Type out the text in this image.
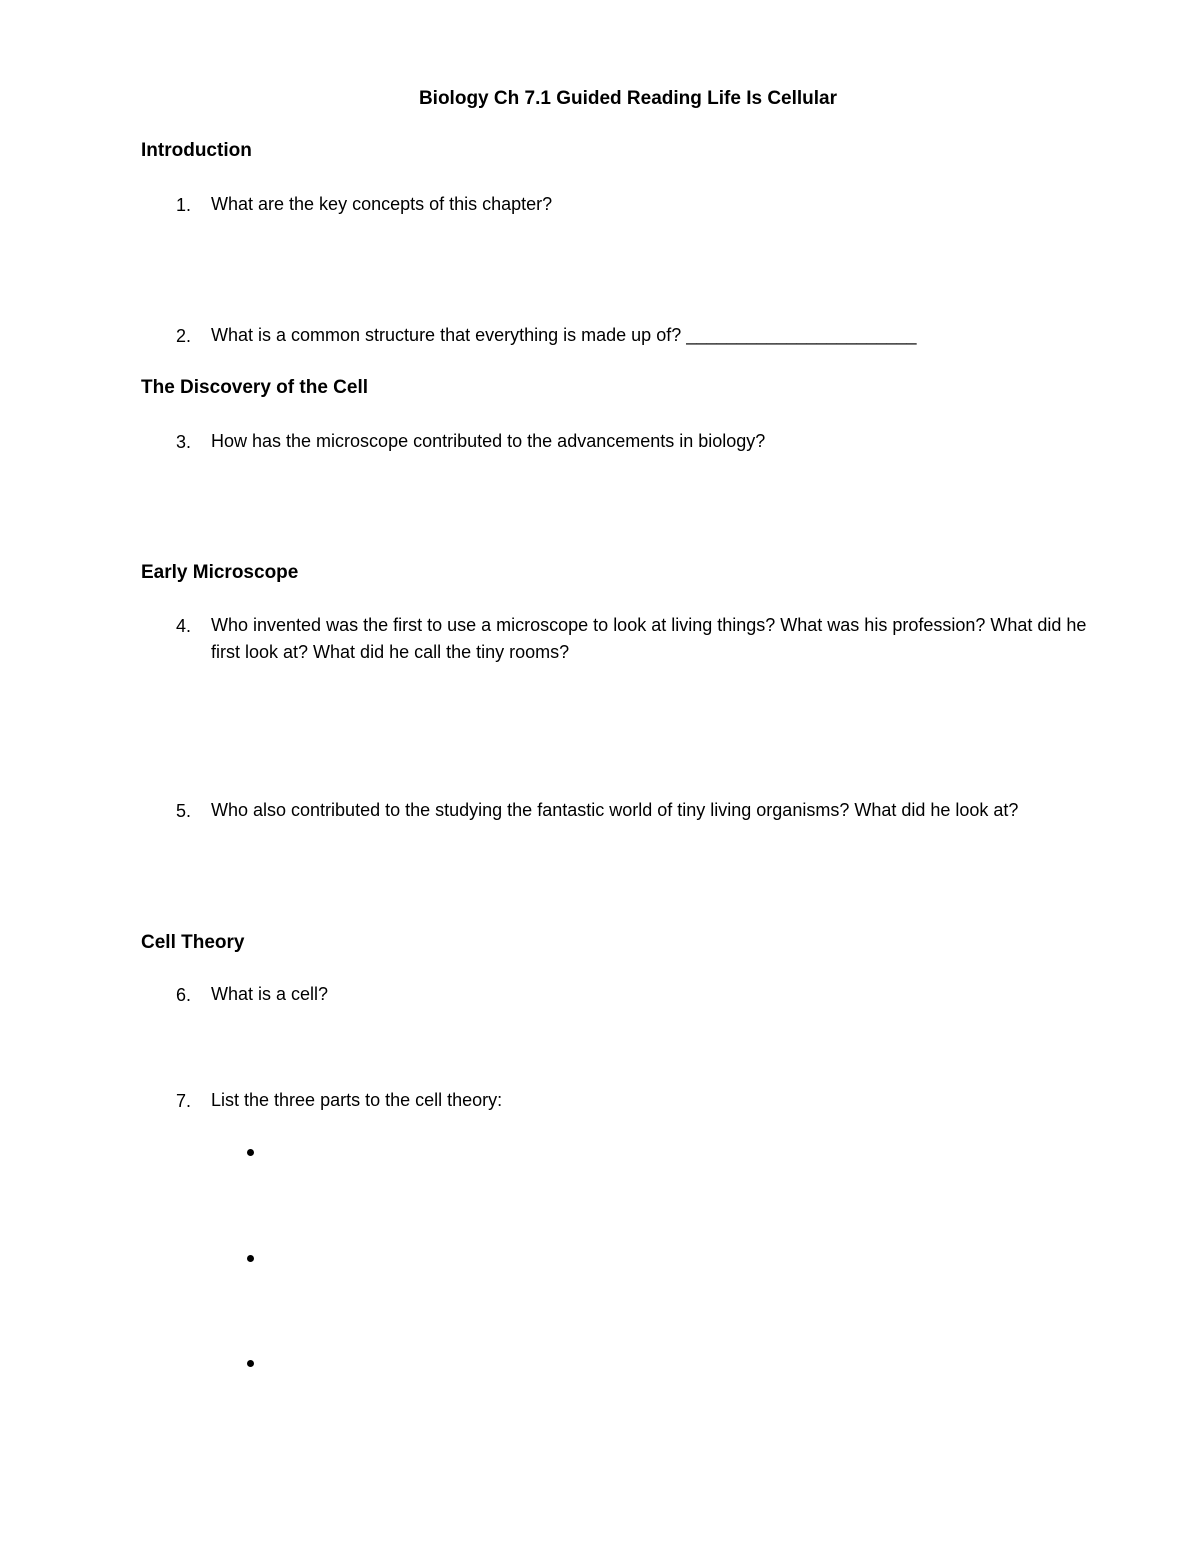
Biology Ch 7.1 Guided Reading Life Is Cellular
Introduction
1. What are the key concepts of this chapter?
2. What is a common structure that everything is made up of? _______________________
The Discovery of the Cell
3. How has the microscope contributed to the advancements in biology?
Early Microscope
4. Who invented was the first to use a microscope to look at living things? What was his profession? What did he first look at? What did he call the tiny rooms?
5. Who also contributed to the studying the fantastic world of tiny living organisms? What did he look at?
Cell Theory
6. What is a cell?
7. List the three parts to the cell theory:
